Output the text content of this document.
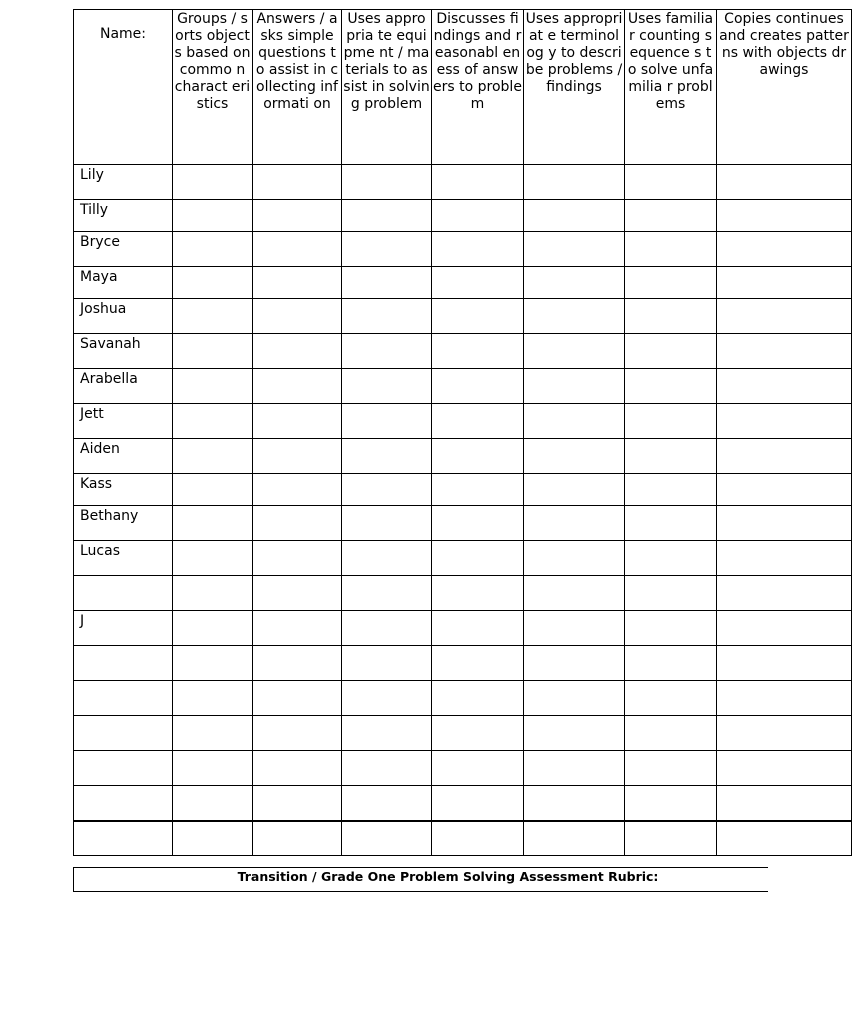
Name:	Groups / sorts objects based on commo n charact eristics	Answers / asks simple questions to assist in collecting informati on	Uses appropria te equipme nt / materials to assist in solving problem	Discusses findings and reasonabl eness of answers to problem	Uses appropriat e terminolog y to describe problems / findings	Uses familiar counting sequence s to solve unfamilia r problems	Copies continues and creates patterns with objects drawings
Lily							
Tilly							
Bryce							
Maya							
Joshua							
Savanah							
Arabella							
Jett							
Aiden							
Kass							
Bethany							
Lucas							

J							

Transition / Grade One Problem Solving Assessment Rubric:
